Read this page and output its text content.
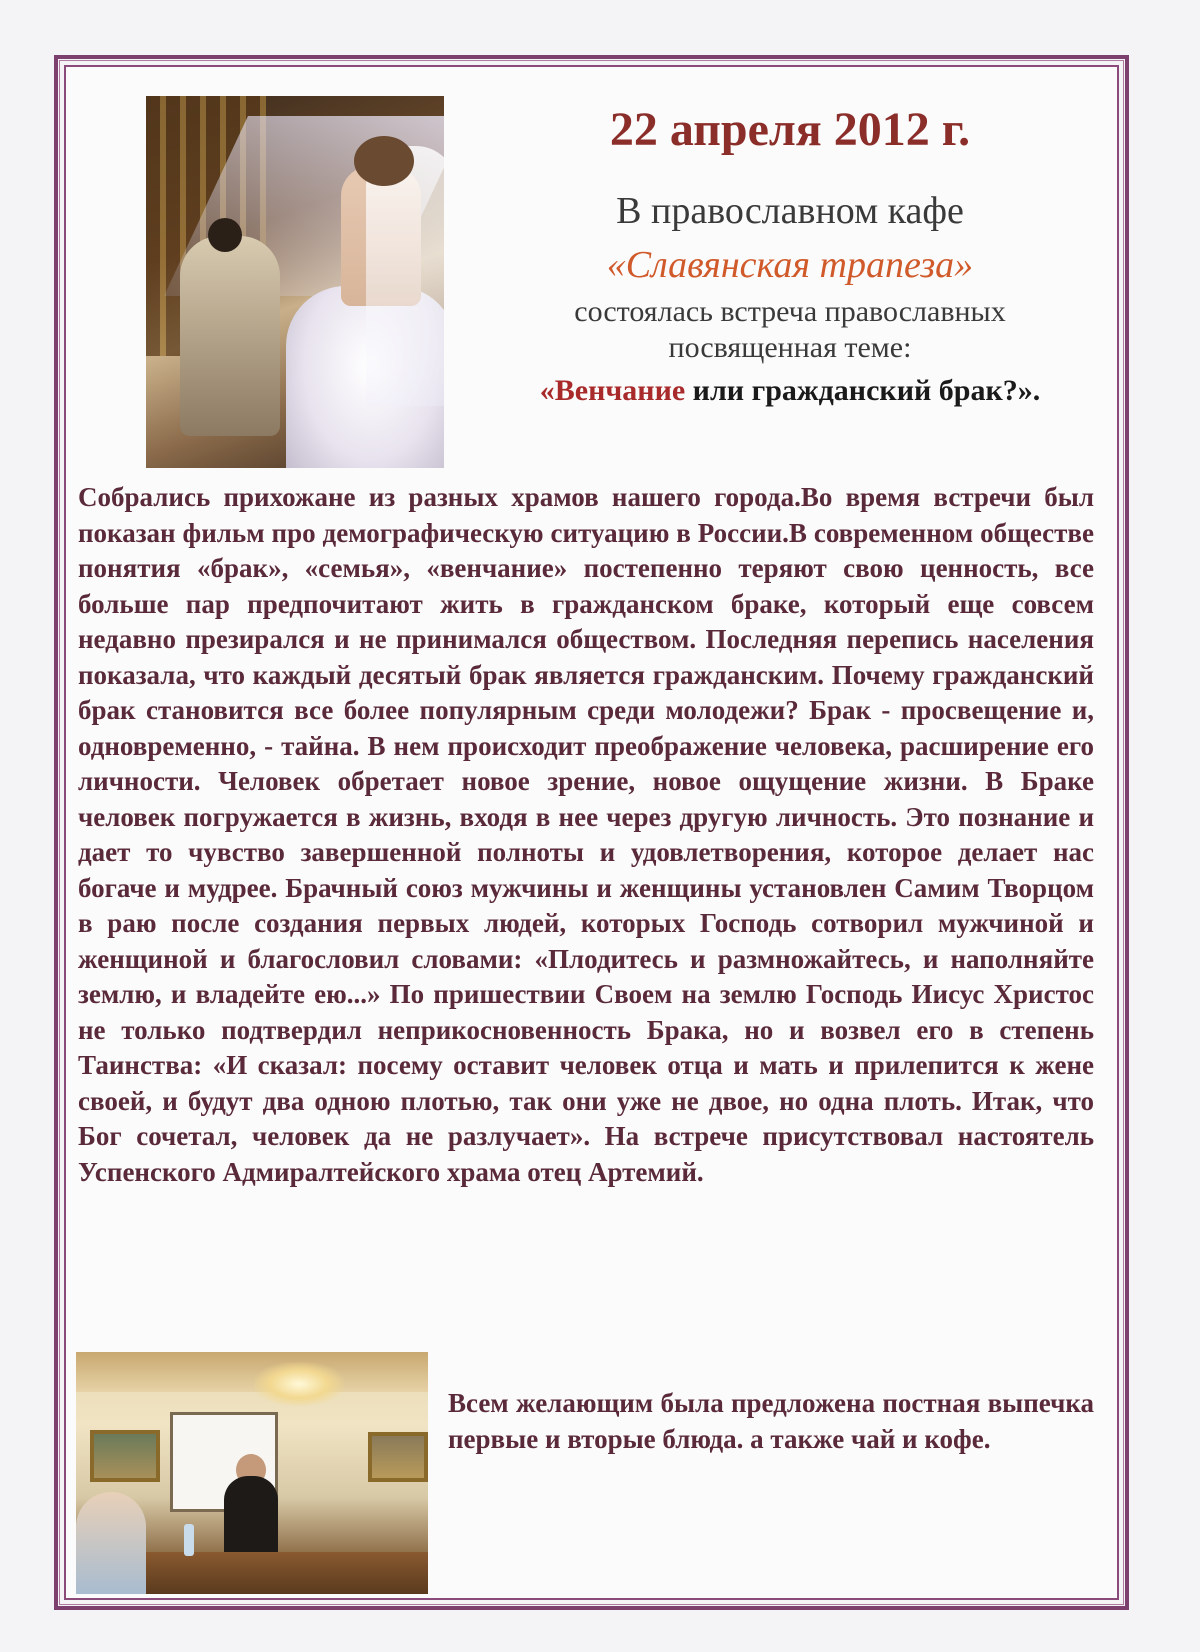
22 апреля 2012 г.
В православном кафе
«Славянская трапеза»
состоялась встреча православных
посвященная теме:
«Венчание или гражданский брак?».
Собрались прихожане из разных храмов нашего города.Во время встречи был показан фильм про демографическую ситуацию в России.В современном обществе понятия «брак», «семья», «венчание» постепенно теряют свою ценность, все больше пар предпочитают жить в гражданском браке, который еще совсем недавно презирался и не принимался обществом. Последняя перепись населения показала, что каждый десятый брак является гражданским. Почему гражданский брак становится все более популярным среди молодежи? Брак - просвещение и, одновременно, - тайна. В нем происходит преображение человека, расширение его личности. Человек обретает новое зрение, новое ощущение жизни. В Браке человек погружается в жизнь, входя в нее через другую личность. Это познание и дает то чувство завершенной полноты и удовлетворения, которое делает нас богаче и мудрее. Брачный союз мужчины и женщины установлен Самим Творцом в раю после создания первых людей, которых Господь сотворил мужчиной и женщиной и благословил словами: «Плодитесь и размножайтесь, и наполняйте землю, и владейте ею...» По пришествии Своем на землю Господь Иисус Христос не только подтвердил неприкосновенность Брака, но и возвел его в степень Таинства: «И сказал: посему оставит человек отца и мать и прилепится к жене своей, и будут два одною плотью, так они уже не двое, но одна плоть. Итак, что Бог сочетал, человек да не разлучает». На встрече присутствовал настоятель Успенского Адмиралтейского храма отец Артемий.
Всем желающим была предложена постная выпечка первые и вторые блюда. а также чай и кофе.
